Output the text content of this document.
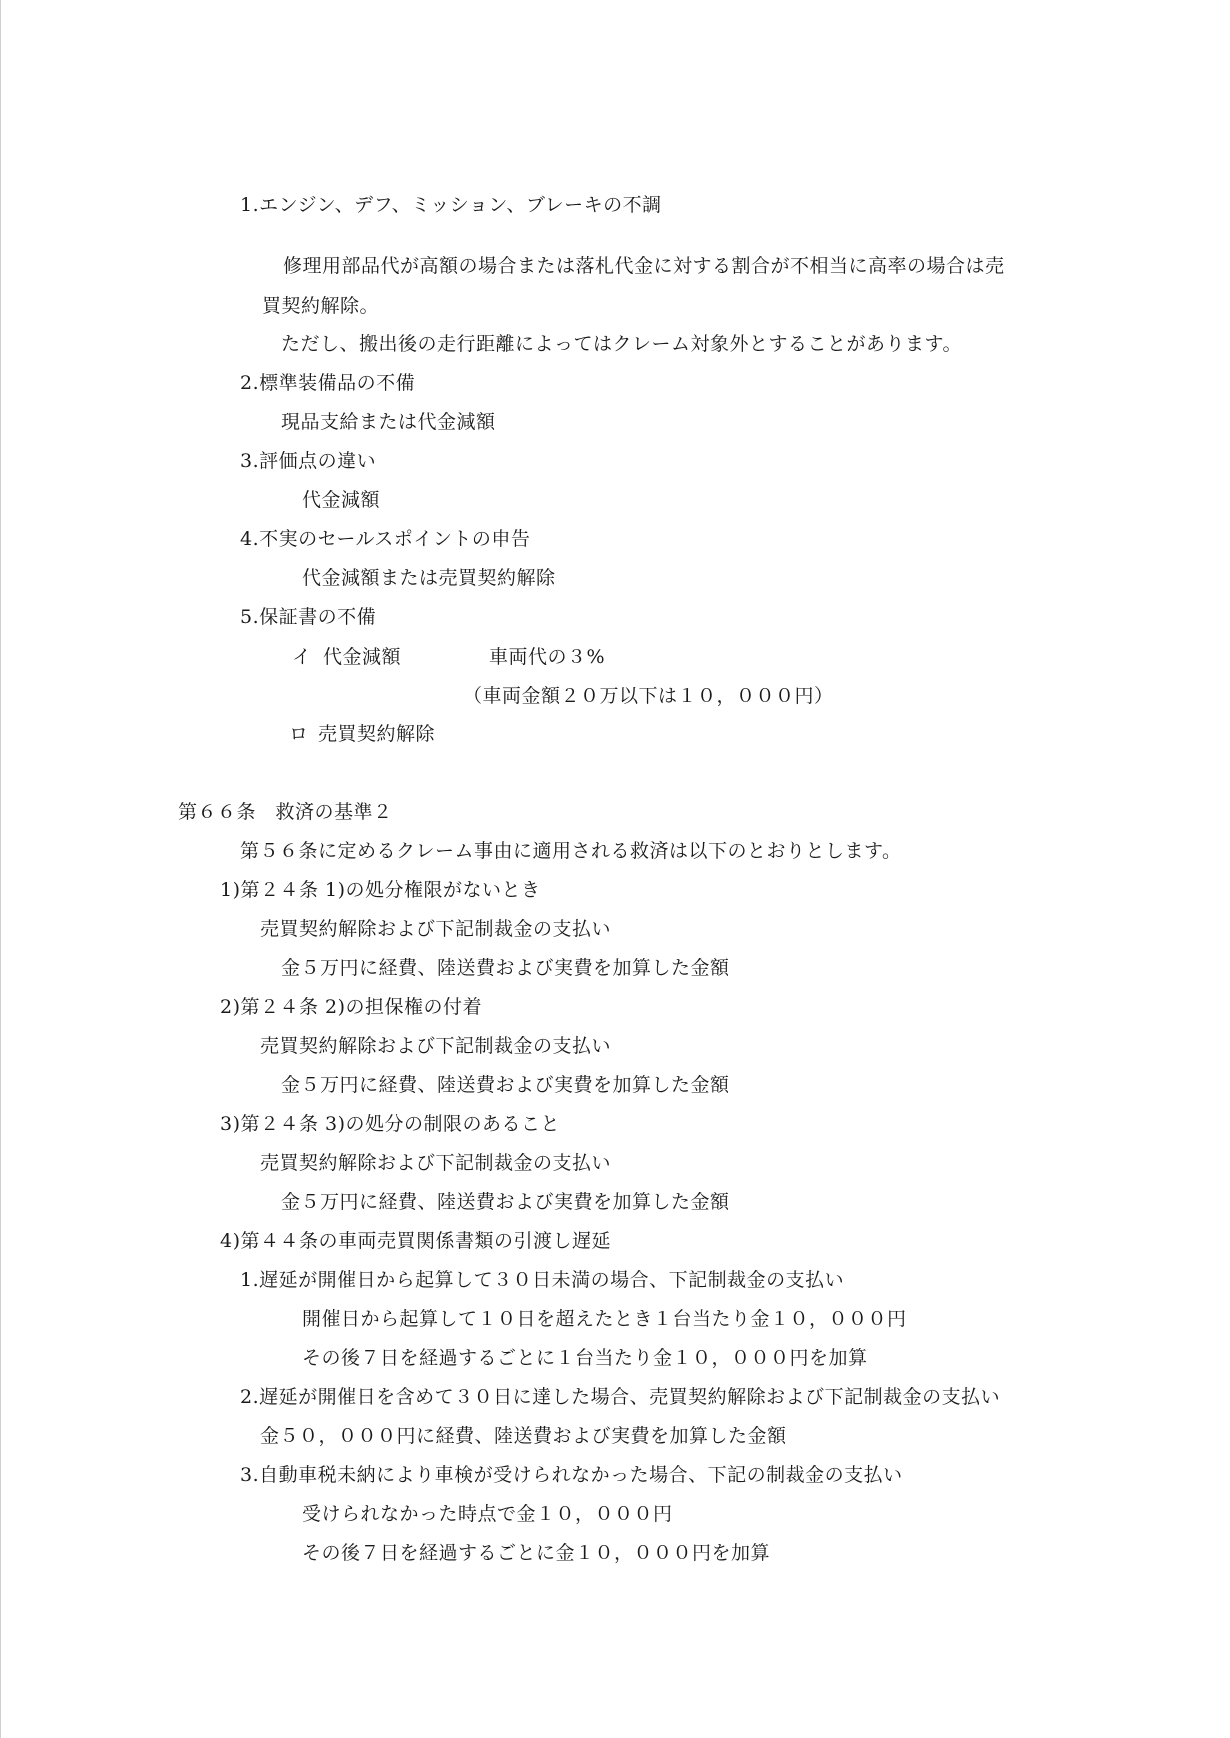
1.エンジン、デフ、ミッション、ブレーキの不調
修理用部品代が高額の場合または落札代金に対する割合が不相当に高率の場合は売
買契約解除。
ただし、搬出後の走行距離によってはクレーム対象外とすることがあります。
2.標準装備品の不備
現品支給または代金減額
3.評価点の違い
代金減額
4.不実のセールスポイントの申告
代金減額または売買契約解除
5.保証書の不備
イ 代金減額	車両代の３%
（車両金額２０万以下は１０，０００円）
ロ 売買契約解除
第６６条　救済の基準２
第５６条に定めるクレーム事由に適用される救済は以下のとおりとします。
1)第２４条 1)の処分権限がないとき
売買契約解除および下記制裁金の支払い
金５万円に経費、陸送費および実費を加算した金額
2)第２４条 2)の担保権の付着
売買契約解除および下記制裁金の支払い
金５万円に経費、陸送費および実費を加算した金額
3)第２４条 3)の処分の制限のあること
売買契約解除および下記制裁金の支払い
金５万円に経費、陸送費および実費を加算した金額
4)第４４条の車両売買関係書類の引渡し遅延
1.遅延が開催日から起算して３０日未満の場合、下記制裁金の支払い
開催日から起算して１０日を超えたとき１台当たり金１０，０００円
その後７日を経過するごとに１台当たり金１０，０００円を加算
2.遅延が開催日を含めて３０日に達した場合、売買契約解除および下記制裁金の支払い
金５０，０００円に経費、陸送費および実費を加算した金額
3.自動車税未納により車検が受けられなかった場合、下記の制裁金の支払い
受けられなかった時点で金１０，０００円
その後７日を経過するごとに金１０，０００円を加算
